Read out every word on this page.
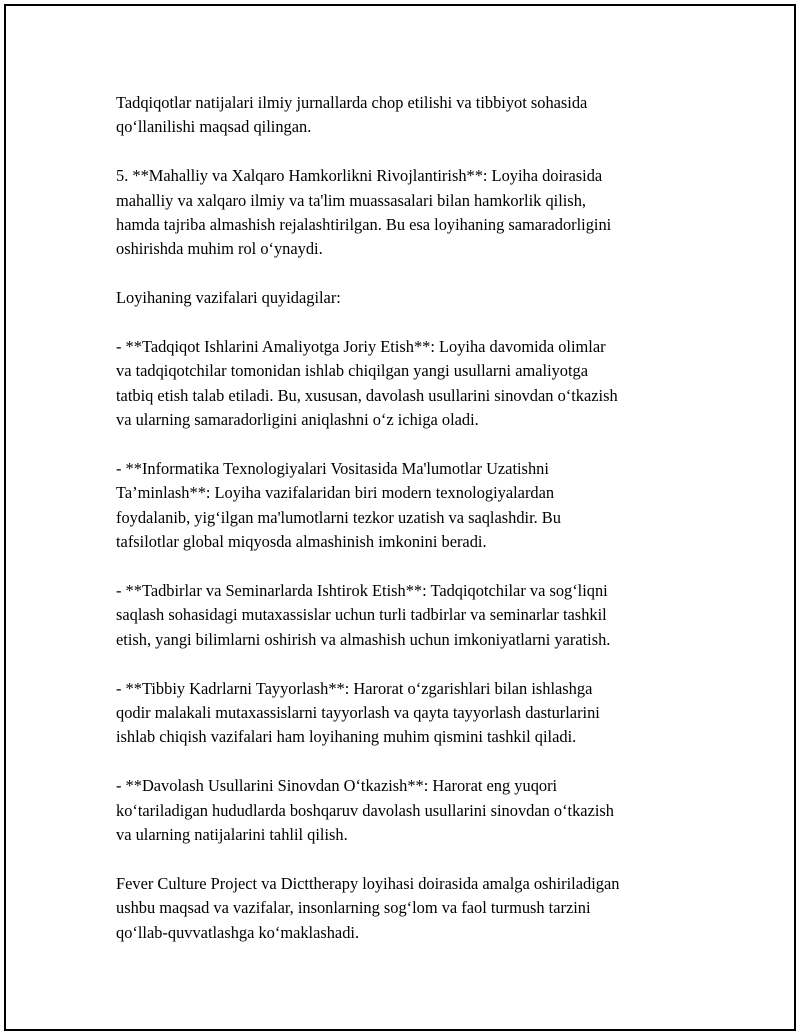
Tadqiqotlar natijalari ilmiy jurnallarda chop etilishi va tibbiyot sohasida
qo‘llanilishi maqsad qilingan.

5. **Mahalliy va Xalqaro Hamkorlikni Rivojlantirish**: Loyiha doirasida
mahalliy va xalqaro ilmiy va ta'lim muassasalari bilan hamkorlik qilish,
hamda tajriba almashish rejalashtirilgan. Bu esa loyihaning samaradorligini
oshirishda muhim rol o‘ynaydi.

Loyihaning vazifalari quyidagilar:

- **Tadqiqot Ishlarini Amaliyotga Joriy Etish**: Loyiha davomida olimlar
va tadqiqotchilar tomonidan ishlab chiqilgan yangi usullarni amaliyotga
tatbiq etish talab etiladi. Bu, xususan, davolash usullarini sinovdan o‘tkazish
va ularning samaradorligini aniqlashni o‘z ichiga oladi.

- **Informatika Texnologiyalari Vositasida Ma'lumotlar Uzatishni
Ta’minlash**: Loyiha vazifalaridan biri modern texnologiyalardan
foydalanib, yig‘ilgan ma'lumotlarni tezkor uzatish va saqlashdir. Bu
tafsilotlar global miqyosda almashinish imkonini beradi.

- **Tadbirlar va Seminarlarda Ishtirok Etish**: Tadqiqotchilar va sog‘liqni
saqlash sohasidagi mutaxassislar uchun turli tadbirlar va seminarlar tashkil
etish, yangi bilimlarni oshirish va almashish uchun imkoniyatlarni yaratish.

- **Tibbiy Kadrlarni Tayyorlash**: Harorat o‘zgarishlari bilan ishlashga
qodir malakali mutaxassislarni tayyorlash va qayta tayyorlash dasturlarini
ishlab chiqish vazifalari ham loyihaning muhim qismini tashkil qiladi.

- **Davolash Usullarini Sinovdan O‘tkazish**: Harorat eng yuqori
ko‘tariladigan hududlarda boshqaruv davolash usullarini sinovdan o‘tkazish
va ularning natijalarini tahlil qilish.

Fever Culture Project va Dicttherapy loyihasi doirasida amalga oshiriladigan
ushbu maqsad va vazifalar, insonlarning sog‘lom va faol turmush tarzini
qo‘llab-quvvatlashga ko‘maklashadi.
